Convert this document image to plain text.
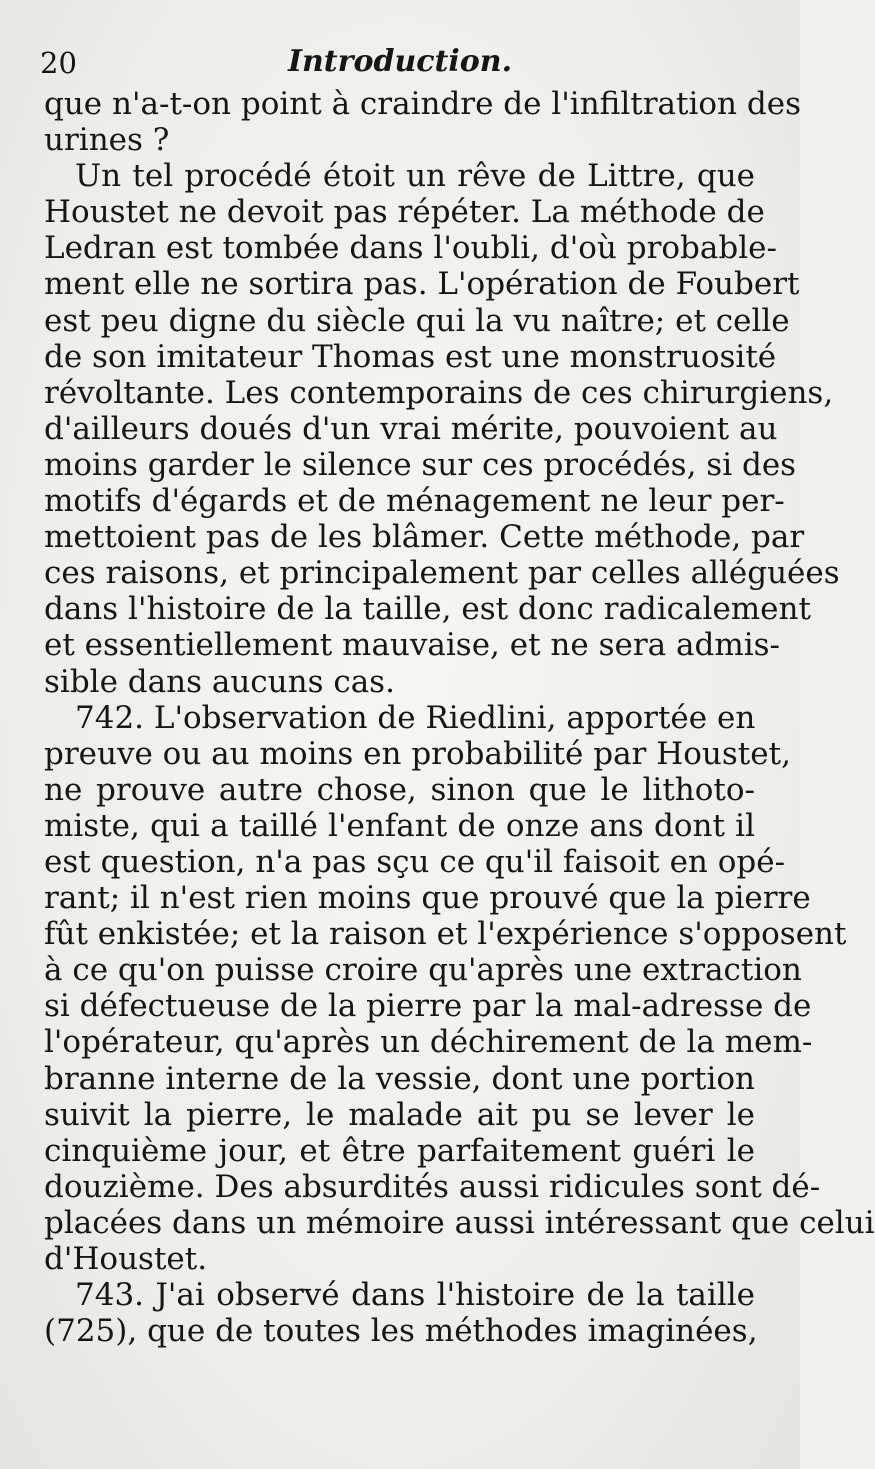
20	Introduction.
que n'a-t-on point à craindre de l'infiltration des
urines ?
 Un tel procédé étoit un rêve de Littre, que
Houstet ne devoit pas répéter. La méthode de
Ledran est tombée dans l'oubli, d'où probable-
ment elle ne sortira pas. L'opération de Foubert
est peu digne du siècle qui la vu naître; et celle
de son imitateur Thomas est une monstruosité
révoltante. Les contemporains de ces chirurgiens,
d'ailleurs doués d'un vrai mérite, pouvoient au
moins garder le silence sur ces procédés, si des
motifs d'égards et de ménagement ne leur per-
mettoient pas de les blâmer. Cette méthode, par
ces raisons, et principalement par celles alléguées
dans l'histoire de la taille, est donc radicalement
et essentiellement mauvaise, et ne sera admis-
sible dans aucuns cas.
 742. L'observation de Riedlini, apportée en
preuve ou au moins en probabilité par Houstet,
ne prouve autre chose, sinon que le lithoto-
miste, qui a taillé l'enfant de onze ans dont il
est question, n'a pas sçu ce qu'il faisoit en opé-
rant; il n'est rien moins que prouvé que la pierre
fût enkistée; et la raison et l'expérience s'opposent
à ce qu'on puisse croire qu'après une extraction
si défectueuse de la pierre par la mal-adresse de
l'opérateur, qu'après un déchirement de la mem-
branne interne de la vessie, dont une portion
suivit la pierre, le malade ait pu se lever le
cinquième jour, et être parfaitement guéri le
douzième. Des absurdités aussi ridicules sont dé-
placées dans un mémoire aussi intéressant que celui
d'Houstet.
 743. J'ai observé dans l'histoire de la taille
(725), que de toutes les méthodes imaginées,
